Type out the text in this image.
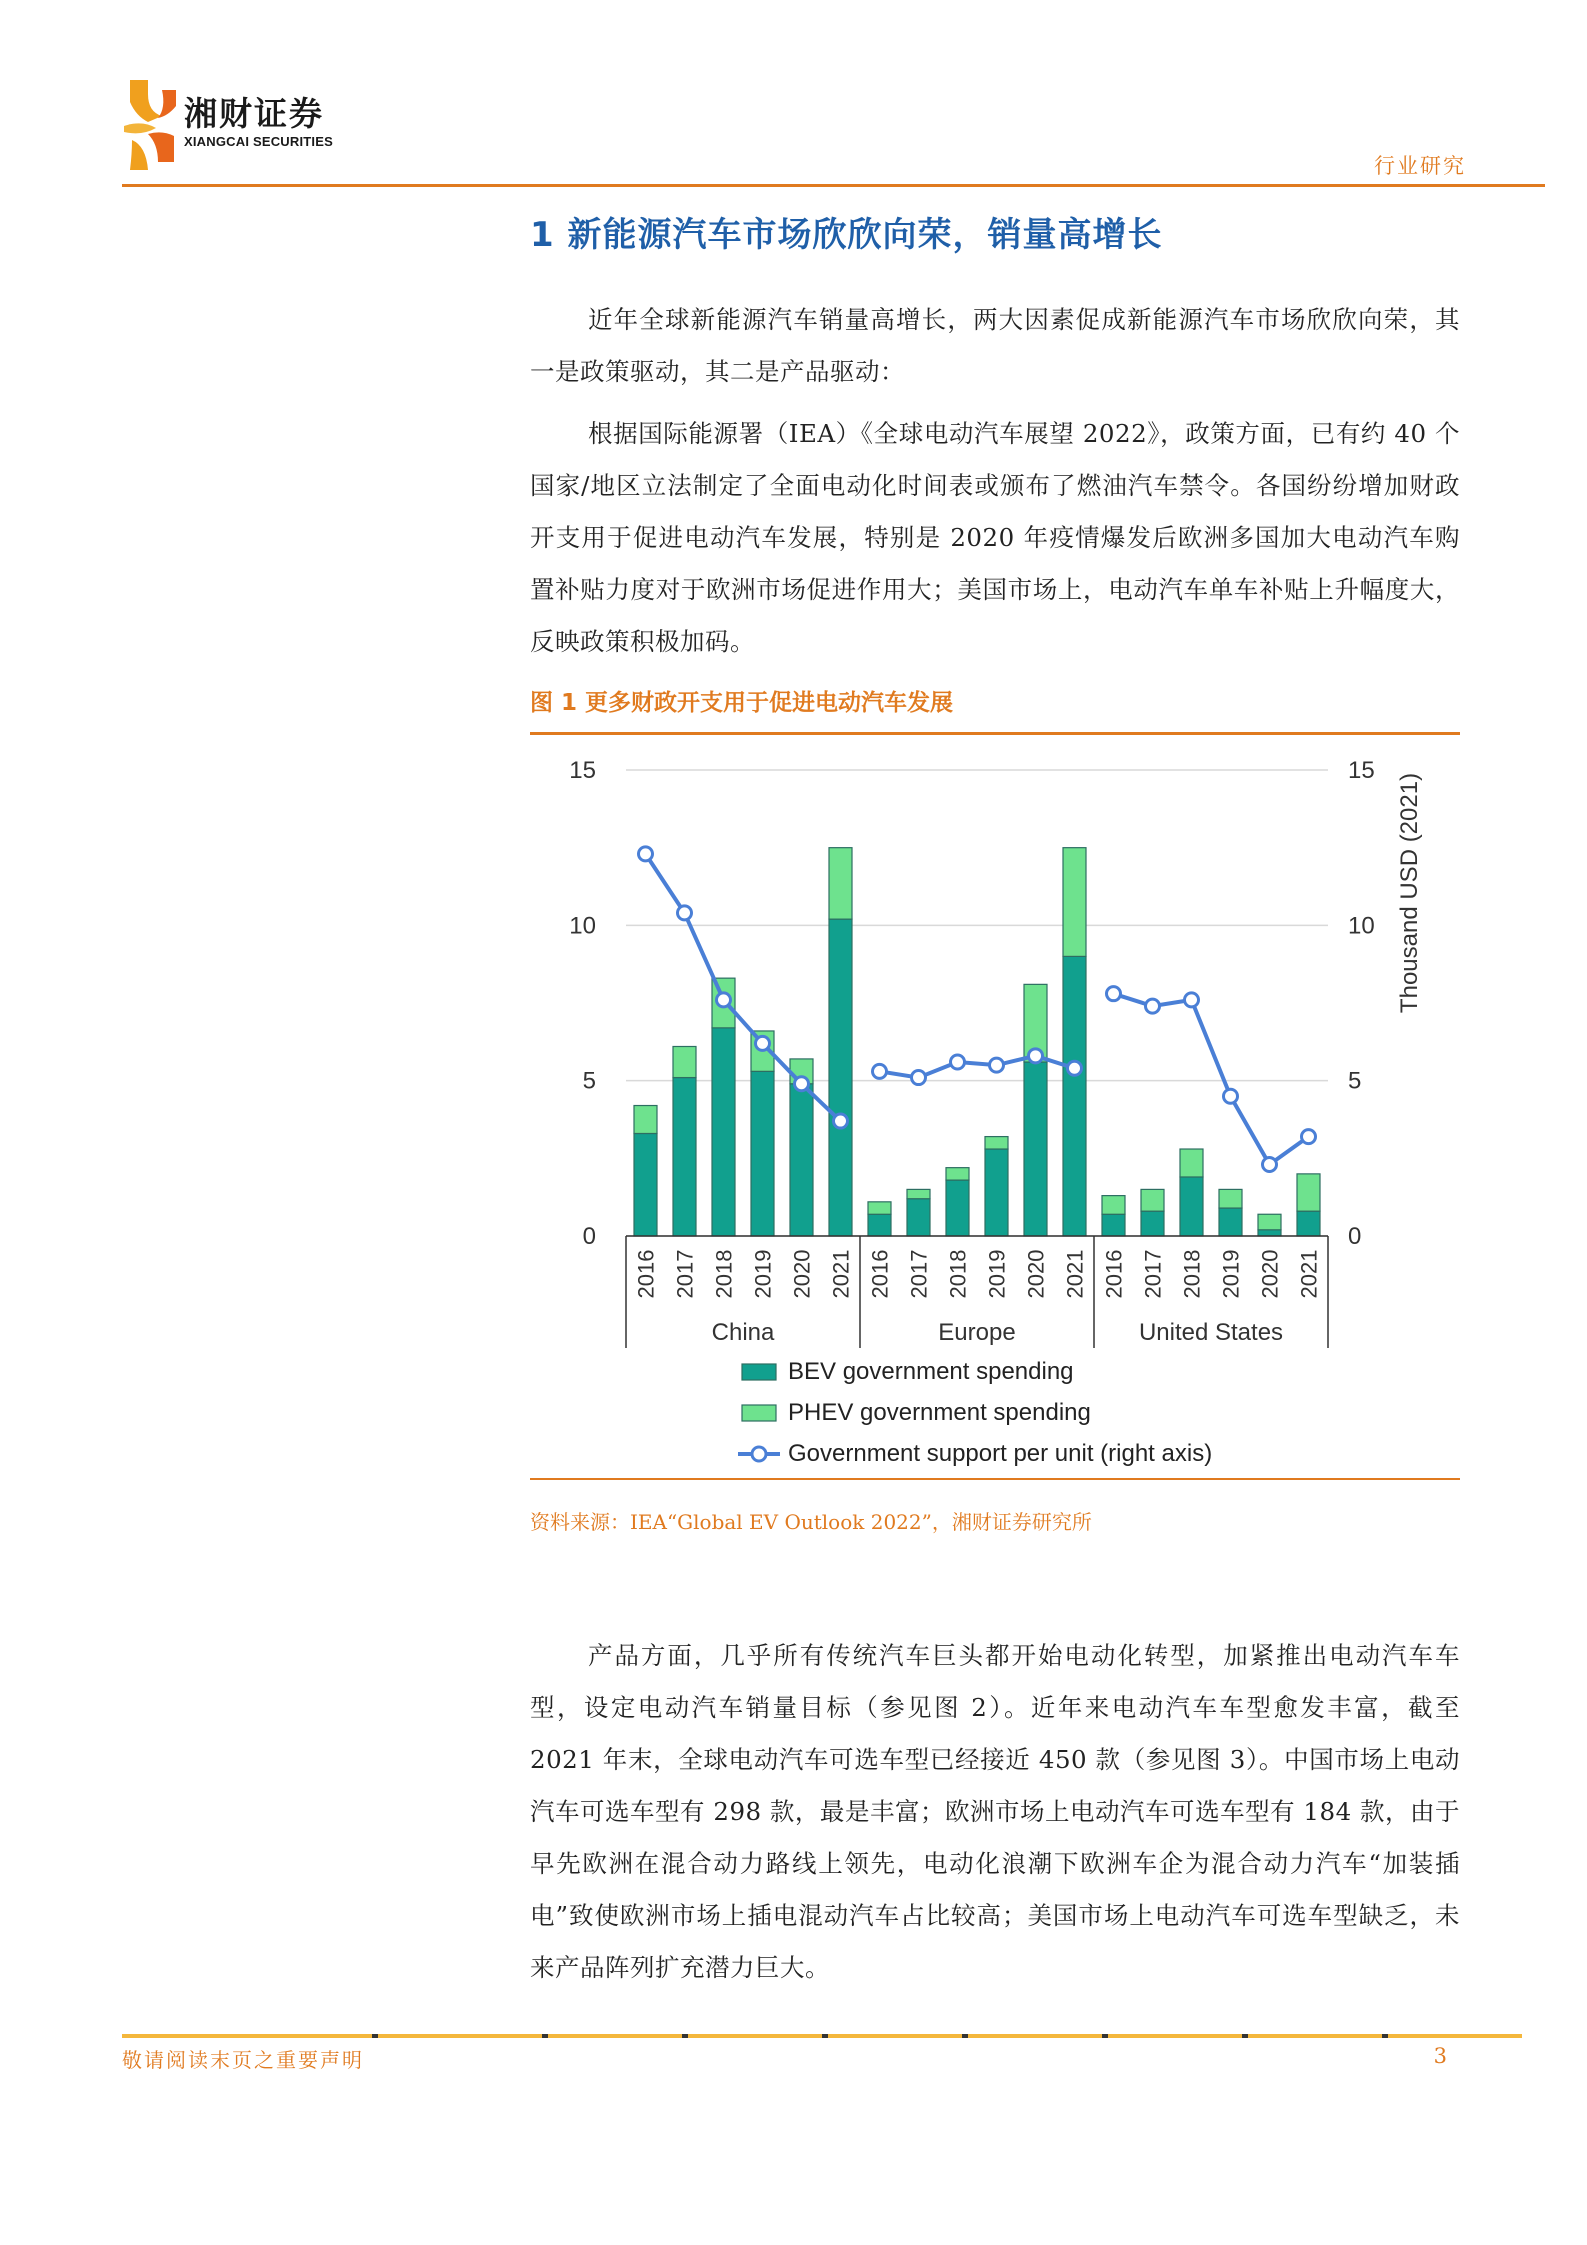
湘财证券
XIANGCAI SECURITIES
行业研究
1 新能源汽车市场欣欣向荣，销量高增长

近年全球新能源汽车销量高增长，两大因素促成新能源汽车市场欣欣向荣，其一是政策驱动，其二是产品驱动：

根据国际能源署（IEA）《全球电动汽车展望 2022》，政策方面，已有约 40 个国家/地区立法制定了全面电动化时间表或颁布了燃油汽车禁令。各国纷纷增加财政开支用于促进电动汽车发展，特别是 2020 年疫情爆发后欧洲多国加大电动汽车购置补贴力度对于欧洲市场促进作用大；美国市场上，电动汽车单车补贴上升幅度大，反映政策积极加码。

图 1 更多财政开支用于促进电动汽车发展
0
5
10
15
0
5
10
15
Thousand USD (2021)
2016 2017 2018 2019 2020 2021
China
2016 2017 2018 2019 2020 2021
Europe
2016 2017 2018 2019 2020 2021
United States
BEV government spending
PHEV government spending
Government support per unit (right axis)
资料来源：IEA“Global EV Outlook 2022”，湘财证券研究所

产品方面，几乎所有传统汽车巨头都开始电动化转型，加紧推出电动汽车车型，设定电动汽车销量目标（参见图 2）。近年来电动汽车车型愈发丰富，截至 2021 年末，全球电动汽车可选车型已经接近 450 款（参见图 3）。中国市场上电动汽车可选车型有 298 款，最是丰富；欧洲市场上电动汽车可选车型有 184 款，由于早先欧洲在混合动力路线上领先，电动化浪潮下欧洲车企为混合动力汽车“加装插电”致使欧洲市场上插电混动汽车占比较高；美国市场上电动汽车可选车型缺乏，未来产品阵列扩充潜力巨大。

敬请阅读末页之重要声明	3
